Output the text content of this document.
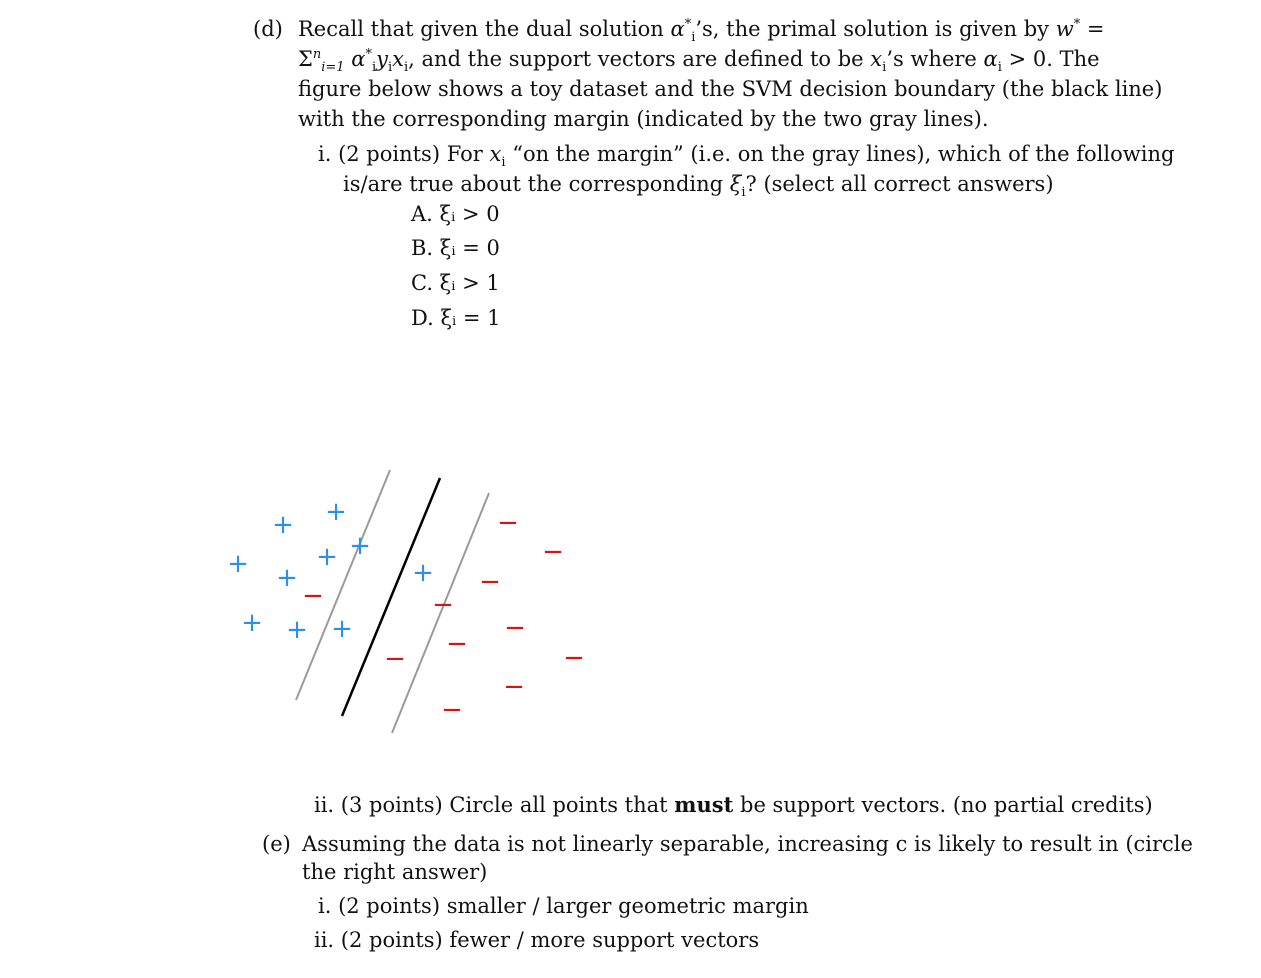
(d) Recall that given the dual solution $\alpha^*_i’s$, the primal solution is given by w* =
$\Sigma^n_{i=1}$ $\alpha^*_iy_ix_i$, and the support vectors are defined to be $x_i’s$ where $\alpha_i > 0$. The
figure below shows a toy dataset and the SVM decision boundary (the black line)
with the corresponding margin (indicated by the two gray lines).
i. (2 points) For $x_i$ “on the margin” (i.e. on the gray lines), which of the following
is/are true about the corresponding $\xi_i$? (select all correct answers)
A. ξᵢ > 0
B. ξᵢ = 0
C. ξᵢ > 1
D. ξᵢ = 1
+ +
+ +
+ +
+
+ + +
−
−
−
−
−
−
−
−	−
−
−
ii. (3 points) Circle all points that must be support vectors. (no partial credits)
(e) Assuming the data is not linearly separable, increasing c is likely to result in (circle
the right answer)
i. (2 points) smaller / larger geometric margin
ii. (2 points) fewer / more support vectors
